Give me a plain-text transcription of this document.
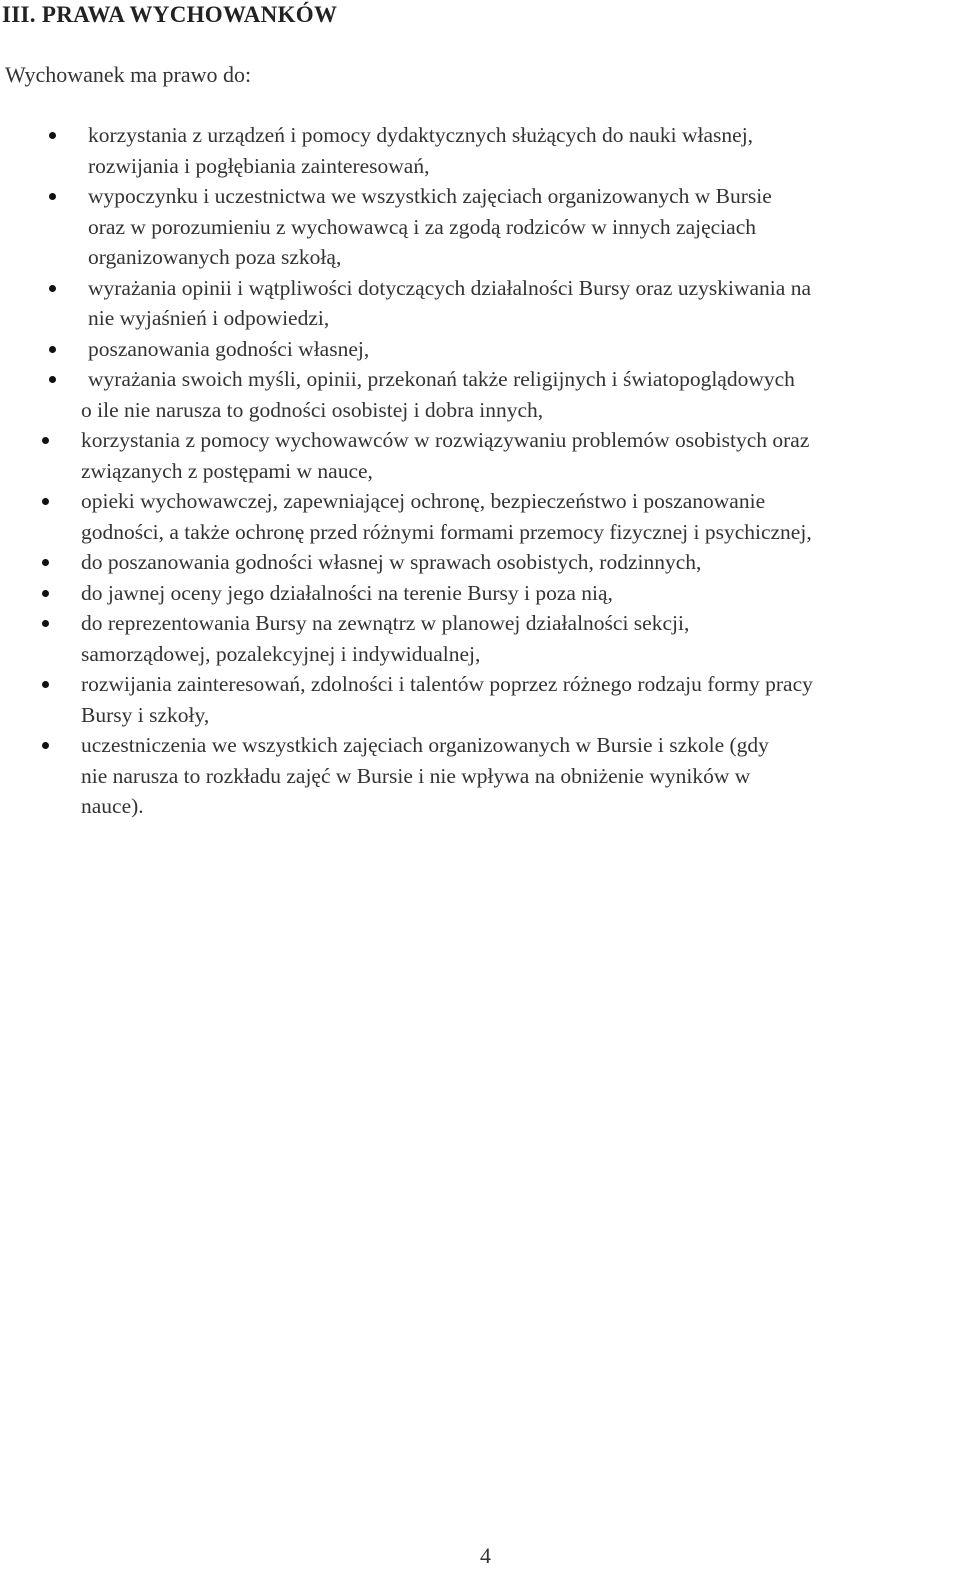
III. PRAWA WYCHOWANKÓW
Wychowanek ma prawo do:
korzystania z urządzeń i pomocy dydaktycznych służących do nauki własnej,
rozwijania i pogłębiania zainteresowań,
wypoczynku i uczestnictwa we wszystkich zajęciach organizowanych w Bursie
oraz w porozumieniu z wychowawcą i za zgodą rodziców w innych zajęciach
organizowanych poza szkołą,
wyrażania opinii i wątpliwości dotyczących działalności Bursy oraz uzyskiwania na
nie wyjaśnień i odpowiedzi,
poszanowania godności własnej,
wyrażania swoich myśli, opinii, przekonań także religijnych i światopoglądowych
o ile nie narusza to godności osobistej i dobra innych,
korzystania z pomocy wychowawców w rozwiązywaniu problemów osobistych oraz
związanych z postępami w nauce,
opieki wychowawczej, zapewniającej ochronę, bezpieczeństwo i poszanowanie
godności, a także ochronę przed różnymi formami przemocy fizycznej i psychicznej,
do poszanowania godności własnej w sprawach osobistych, rodzinnych,
do jawnej oceny jego działalności na terenie Bursy i poza nią,
do reprezentowania Bursy na zewnątrz w planowej działalności sekcji,
samorządowej, pozalekcyjnej i indywidualnej,
rozwijania zainteresowań, zdolności i talentów poprzez różnego rodzaju formy pracy
Bursy i szkoły,
uczestniczenia we wszystkich zajęciach organizowanych w Bursie i szkole (gdy
nie narusza to rozkładu zajęć w Bursie i nie wpływa na obniżenie wyników w
nauce).
4
